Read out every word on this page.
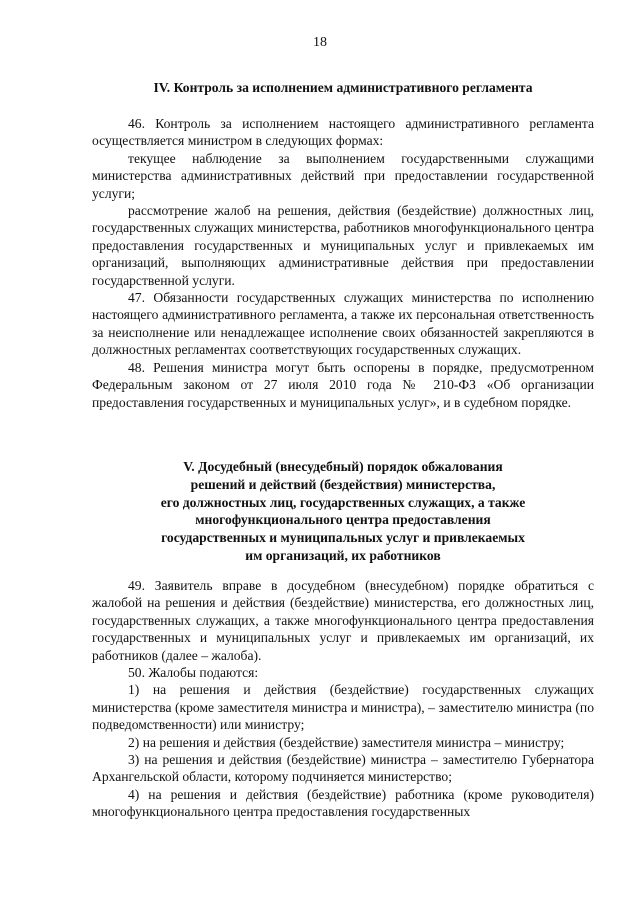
18
IV. Контроль за исполнением административного регламента

46. Контроль за исполнением настоящего административного регламента осуществляется министром в следующих формах:

текущее наблюдение за выполнением государственными служащими министерства административных действий при предоставлении государственной услуги;

рассмотрение жалоб на решения, действия (бездействие) должностных лиц, государственных служащих министерства, работников многофункционального центра предоставления государственных и муниципальных услуг и привлекаемых им организаций, выполняющих административные действия при предоставлении государственной услуги.

47. Обязанности государственных служащих министерства по исполнению настоящего административного регламента, а также их персональная ответственность за неисполнение или ненадлежащее исполнение своих обязанностей закрепляются в должностных регламентах соответствующих государственных служащих.

48. Решения министра могут быть оспорены в порядке, предусмотренном Федеральным законом от 27 июля 2010 года № 210-ФЗ «Об организации предоставления государственных и муниципальных услуг», и в судебном порядке.

V. Досудебный (внесудебный) порядок обжалования
решений и действий (бездействия) министерства,
его должностных лиц, государственных служащих, а также
многофункционального центра предоставления
государственных и муниципальных услуг и привлекаемых
им организаций, их работников

49. Заявитель вправе в досудебном (внесудебном) порядке обратиться с жалобой на решения и действия (бездействие) министерства, его должностных лиц, государственных служащих, а также многофункционального центра предоставления государственных и муниципальных услуг и привлекаемых им организаций, их работников (далее – жалоба).

50. Жалобы подаются:

1) на решения и действия (бездействие) государственных служащих министерства (кроме заместителя министра и министра), – заместителю министра (по подведомственности) или министру;

2) на решения и действия (бездействие) заместителя министра – министру;

3) на решения и действия (бездействие) министра – заместителю Губернатора Архангельской области, которому подчиняется министерство;

4) на решения и действия (бездействие) работника (кроме руководителя) многофункционального центра предоставления государственных
